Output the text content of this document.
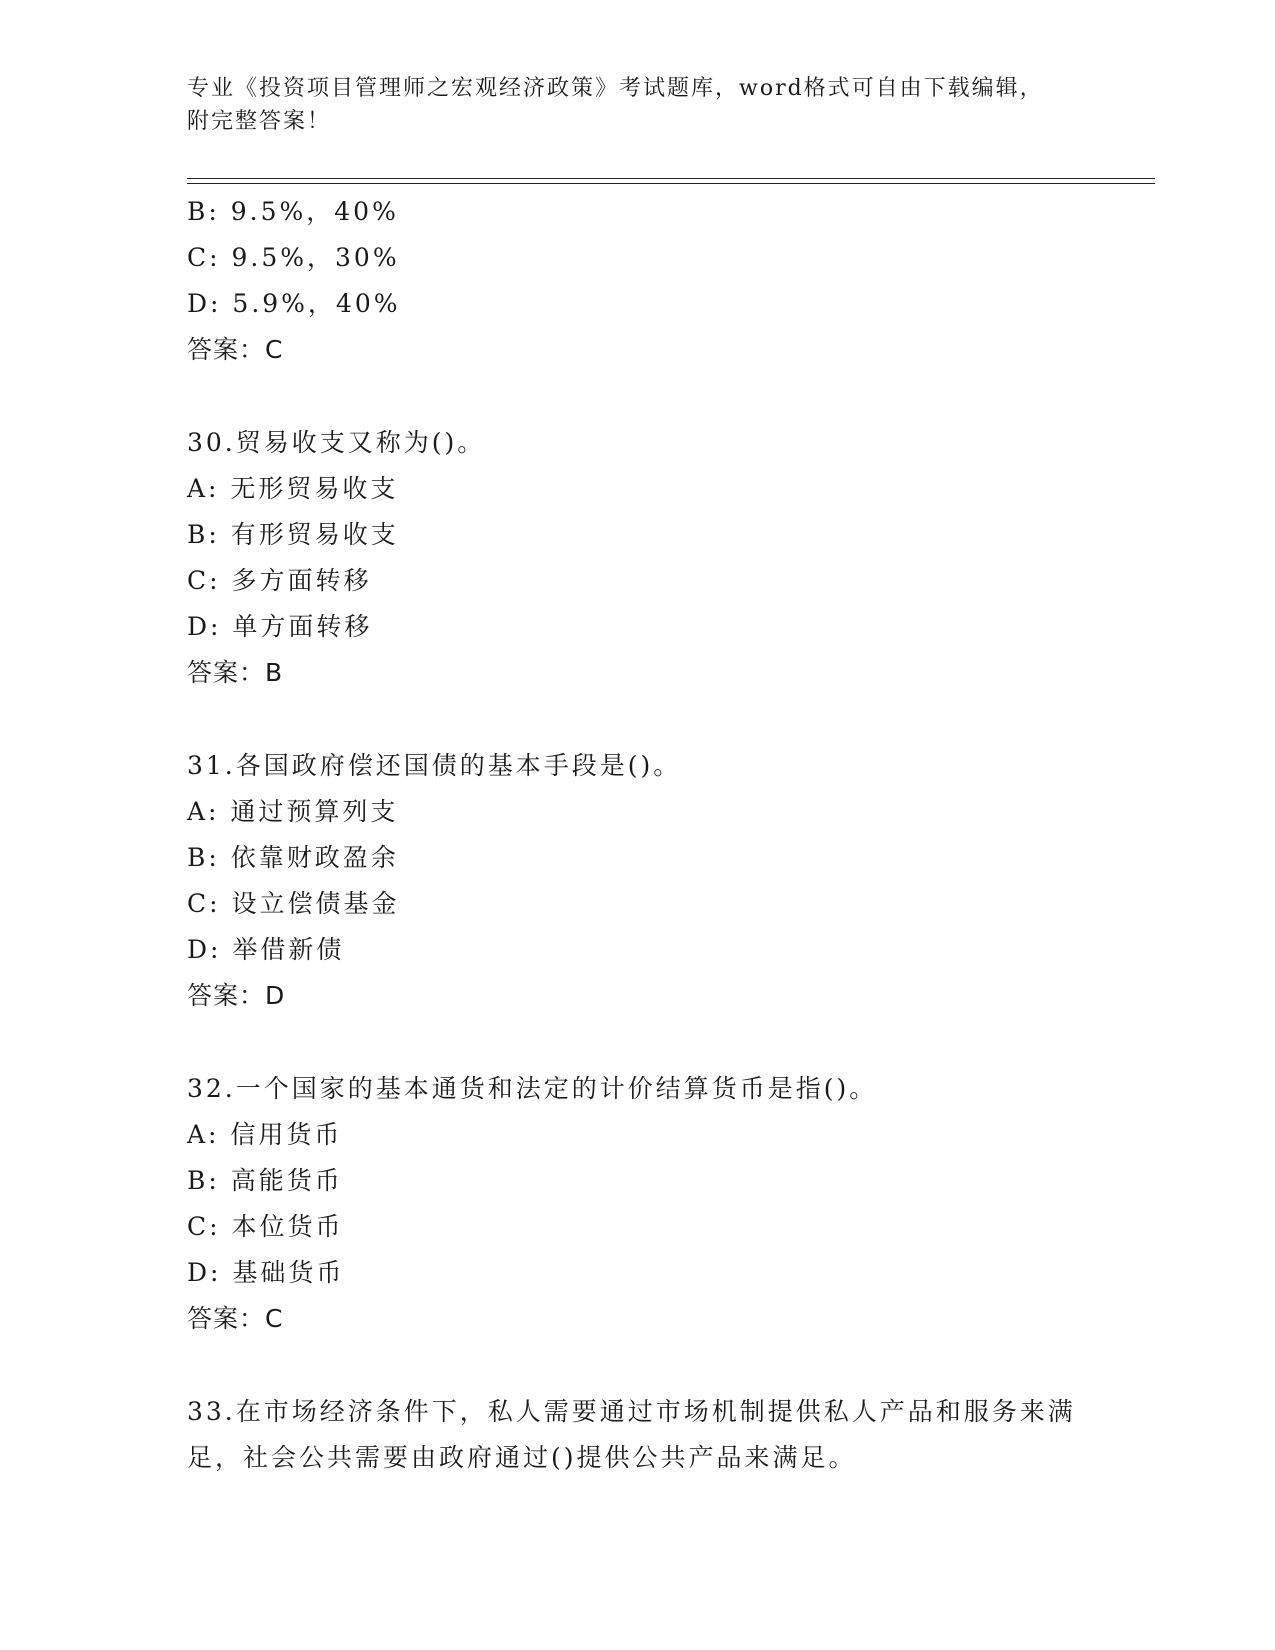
专业《投资项目管理师之宏观经济政策》考试题库，word格式可自由下载编辑，附完整答案！
B: 9.5%，40%
C: 9.5%，30%
D: 5.9%，40%
答案：C
30.贸易收支又称为()。
A: 无形贸易收支
B: 有形贸易收支
C: 多方面转移
D: 单方面转移
答案：B
31.各国政府偿还国债的基本手段是()。
A: 通过预算列支
B: 依靠财政盈余
C: 设立偿债基金
D: 举借新债
答案：D
32.一个国家的基本通货和法定的计价结算货币是指()。
A: 信用货币
B: 高能货币
C: 本位货币
D: 基础货币
答案：C
33.在市场经济条件下，私人需要通过市场机制提供私人产品和服务来满足，社会公共需要由政府通过()提供公共产品来满足。
